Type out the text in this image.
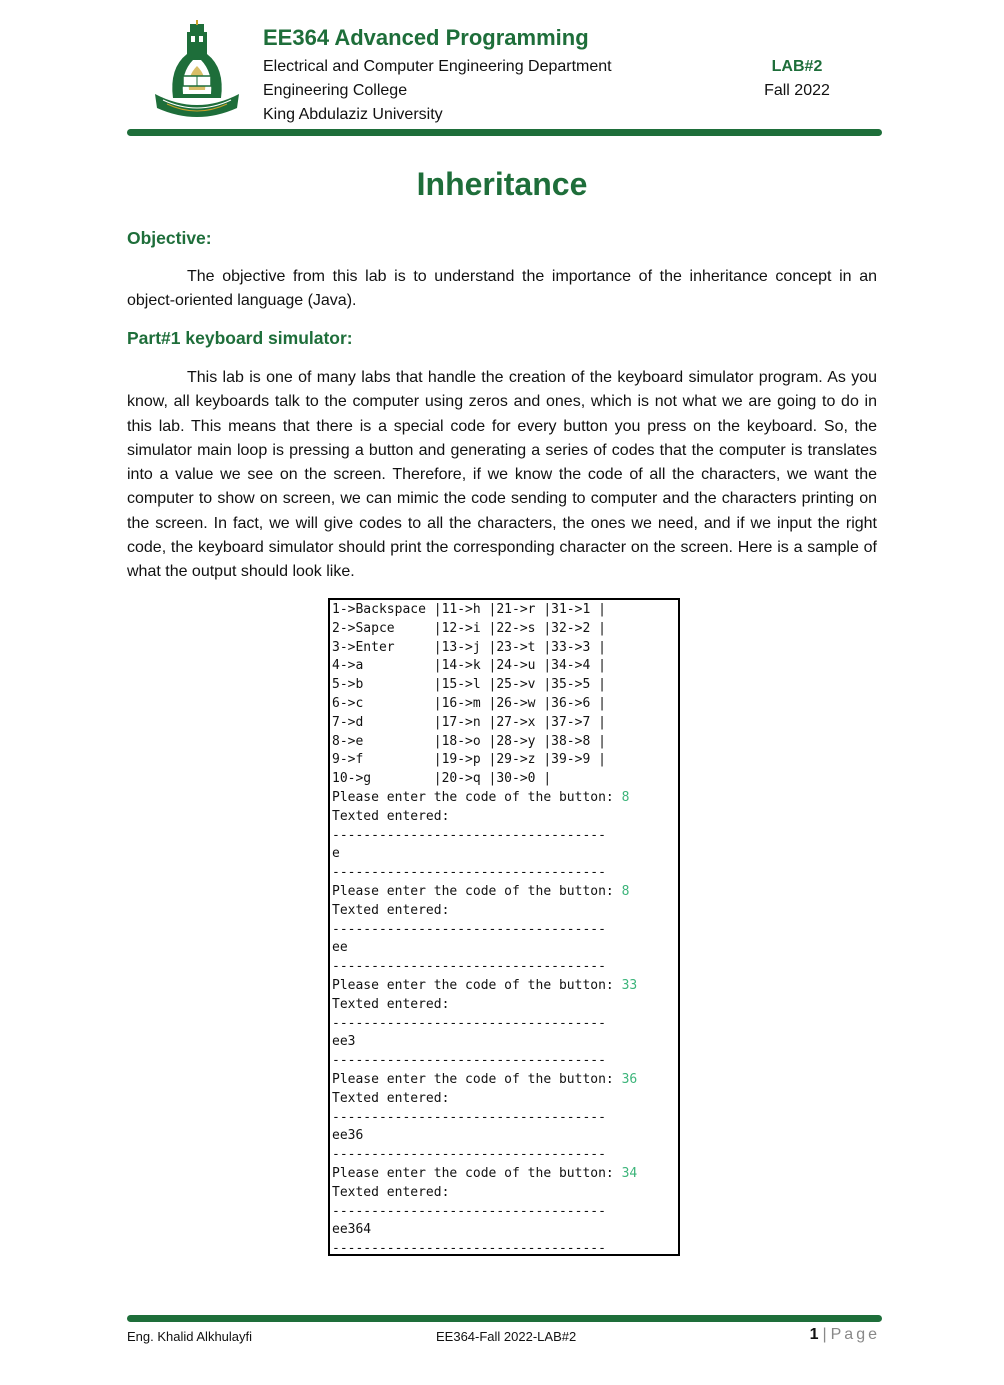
EE364 Advanced Programming
Electrical and Computer Engineering Department
Engineering College
King Abdulaziz University
LAB#2
Fall 2022
Inheritance
Objective:

The objective from this lab is to understand the importance of the inheritance concept in an object-oriented language (Java).

Part#1 keyboard simulator:

This lab is one of many labs that handle the creation of the keyboard simulator program. As you know, all keyboards talk to the computer using zeros and ones, which is not what we are going to do in this lab. This means that there is a special code for every button you press on the keyboard. So, the simulator main loop is pressing a button and generating a series of codes that the computer is translates into a value we see on the screen. Therefore, if we know the code of all the characters, we want the computer to show on screen, we can mimic the code sending to computer and the characters printing on the screen. In fact, we will give codes to all the characters, the ones we need, and if we input the right code, the keyboard simulator should print the corresponding character on the screen. Here is a sample of what the output should look like.

1->Backspace |11->h |21->r |31->1 |
2->Sapce     |12->i |22->s |32->2 |
3->Enter     |13->j |23->t |33->3 |
4->a         |14->k |24->u |34->4 |
5->b         |15->l |25->v |35->5 |
6->c         |16->m |26->w |36->6 |
7->d         |17->n |27->x |37->7 |
8->e         |18->o |28->y |38->8 |
9->f         |19->p |29->z |39->9 |
10->g        |20->q |30->0 |
Please enter the code of the button: 8
Texted entered:
-----------------------------------
e
-----------------------------------
Please enter the code of the button: 8
Texted entered:
-----------------------------------
ee
-----------------------------------
Please enter the code of the button: 33
Texted entered:
-----------------------------------
ee3
-----------------------------------
Please enter the code of the button: 36
Texted entered:
-----------------------------------
ee36
-----------------------------------
Please enter the code of the button: 34
Texted entered:
-----------------------------------
ee364
-----------------------------------
Eng. Khalid Alkhulayfi	EE364-Fall 2022-LAB#2	1 | Page
